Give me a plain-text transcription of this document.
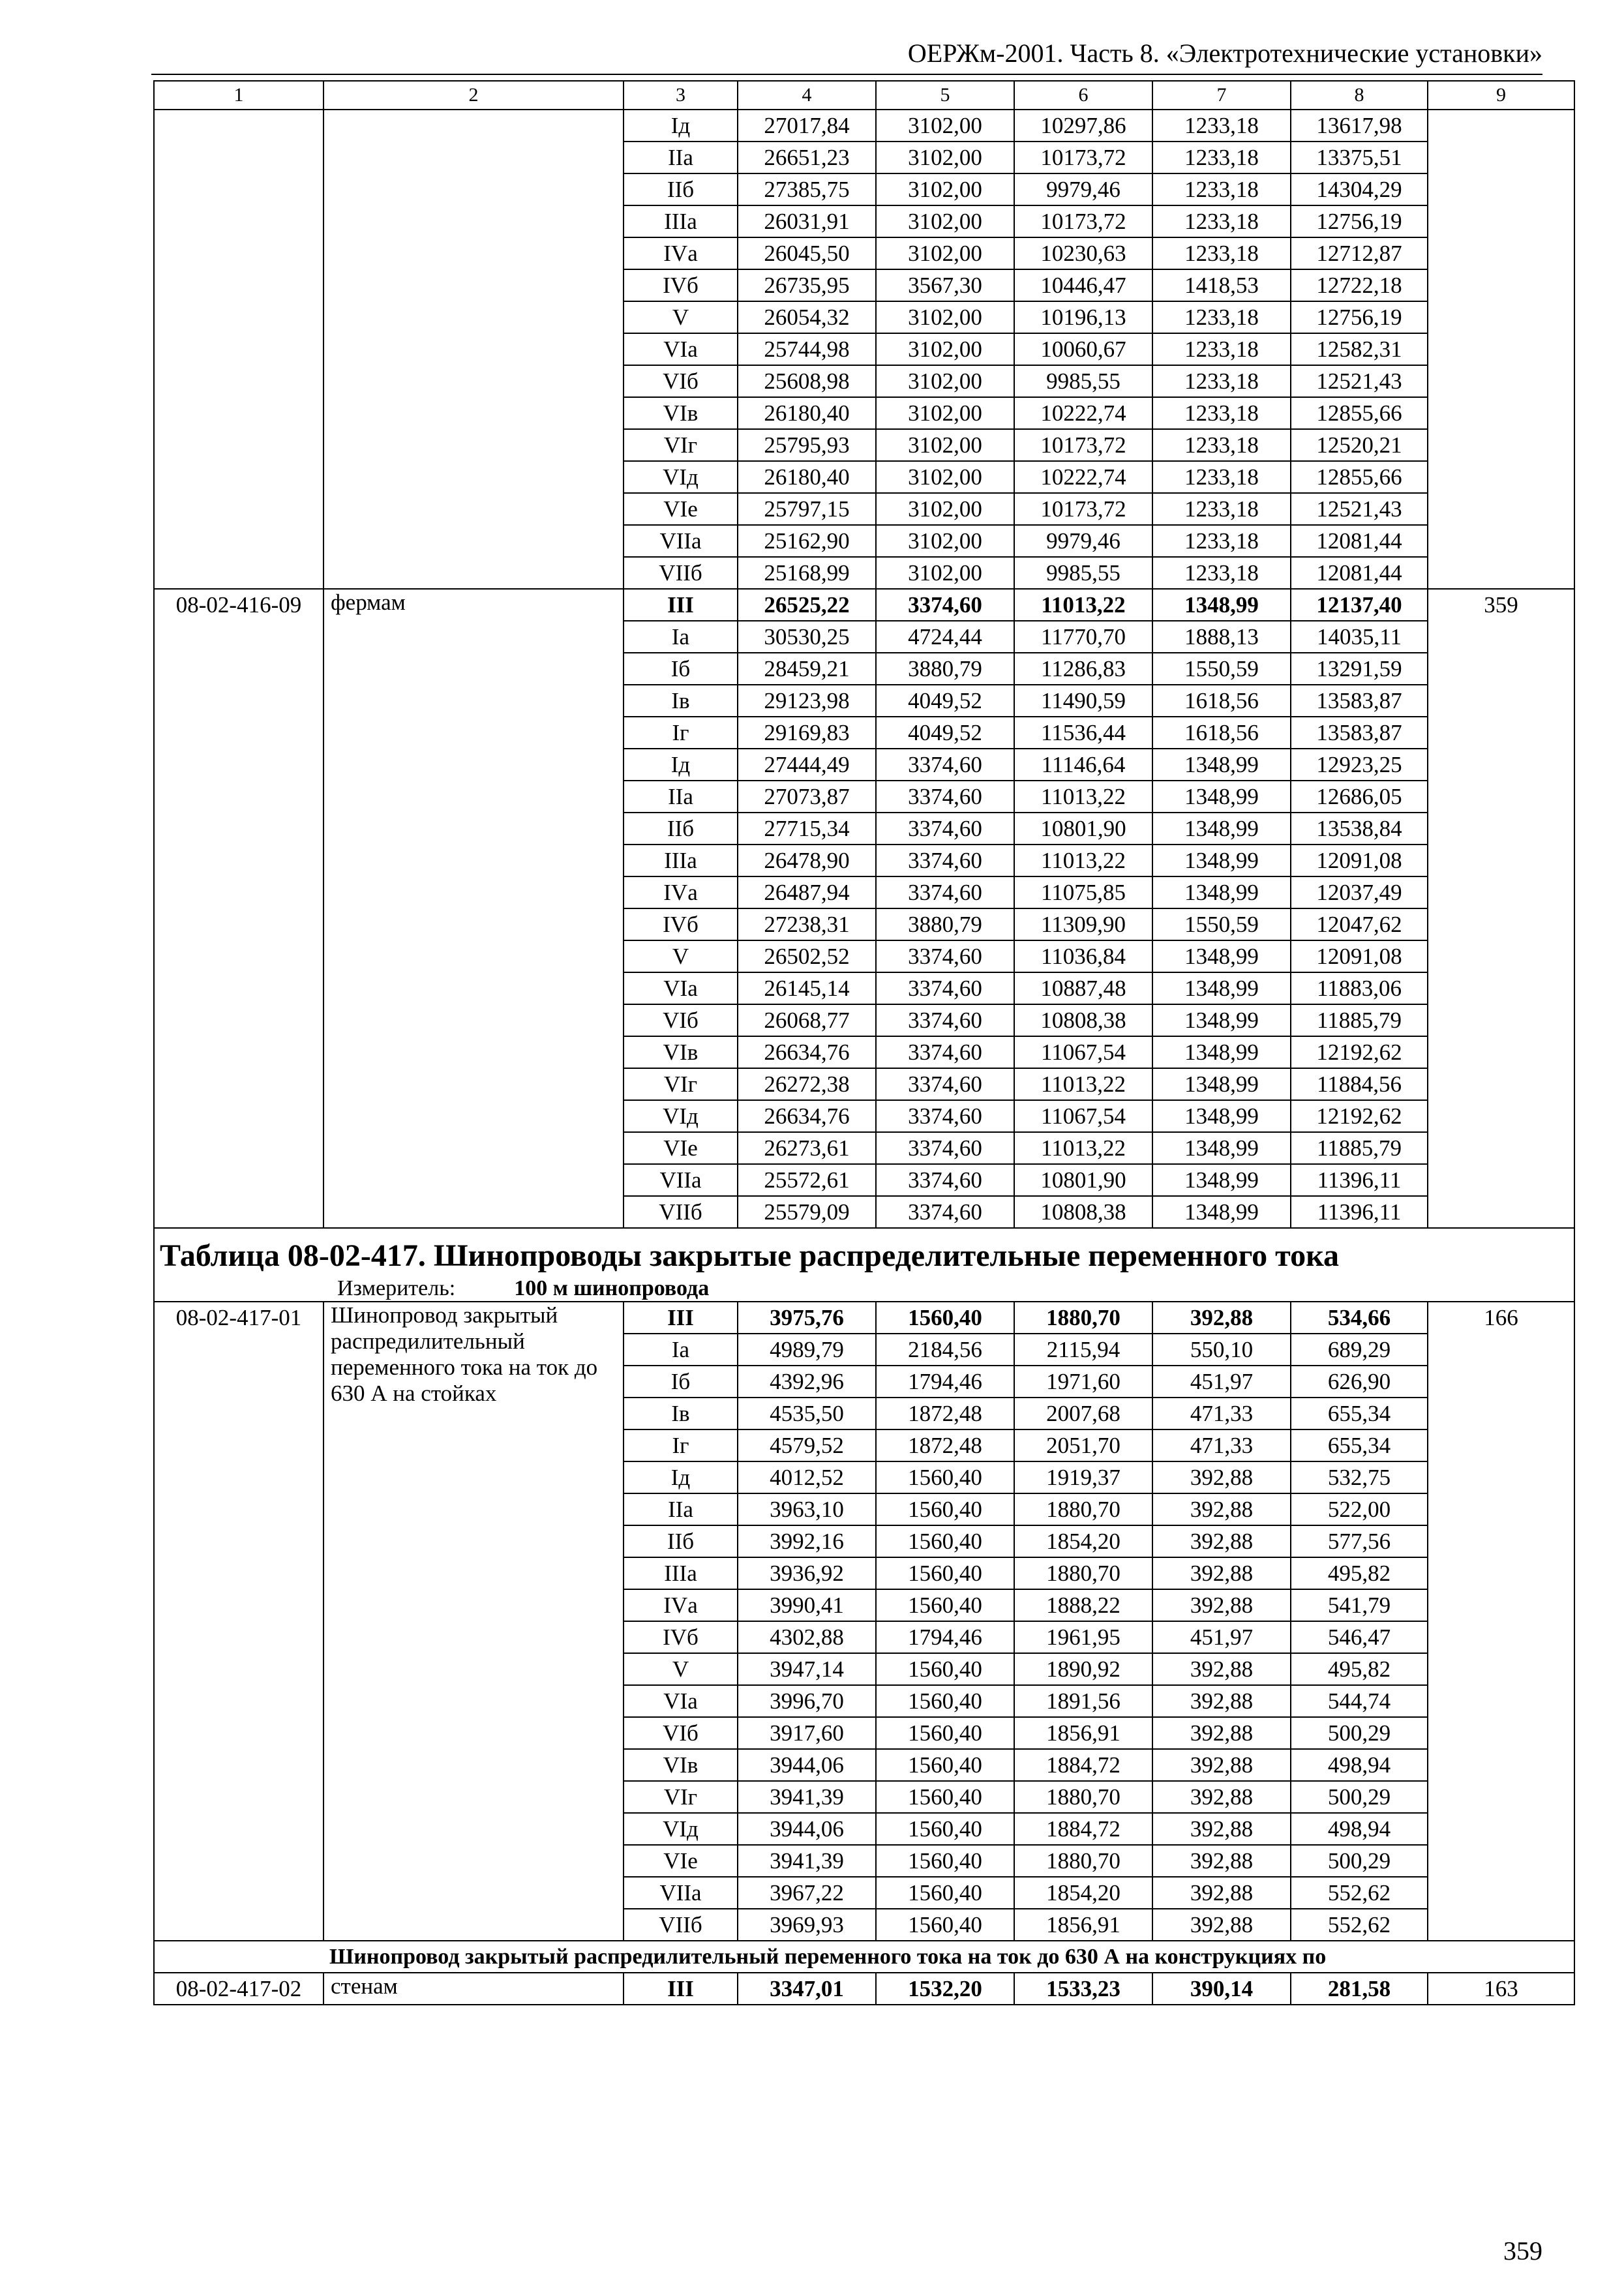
ОЕРЖм-2001. Часть 8. «Электротехнические установки»
1	2	3	4	5	6	7	8	9
		Iд	27017,84	3102,00	10297,86	1233,18	13617,98	
		IIа	26651,23	3102,00	10173,72	1233,18	13375,51	
		IIб	27385,75	3102,00	9979,46	1233,18	14304,29	
		IIIа	26031,91	3102,00	10173,72	1233,18	12756,19	
		IVа	26045,50	3102,00	10230,63	1233,18	12712,87	
		IVб	26735,95	3567,30	10446,47	1418,53	12722,18	
		V	26054,32	3102,00	10196,13	1233,18	12756,19	
		VIа	25744,98	3102,00	10060,67	1233,18	12582,31	
		VIб	25608,98	3102,00	9985,55	1233,18	12521,43	
		VIв	26180,40	3102,00	10222,74	1233,18	12855,66	
		VIг	25795,93	3102,00	10173,72	1233,18	12520,21	
		VIд	26180,40	3102,00	10222,74	1233,18	12855,66	
		VIе	25797,15	3102,00	10173,72	1233,18	12521,43	
		VIIа	25162,90	3102,00	9979,46	1233,18	12081,44	
		VIIб	25168,99	3102,00	9985,55	1233,18	12081,44	
08-02-416-09	фермам	III	26525,22	3374,60	11013,22	1348,99	12137,40	359
		Iа	30530,25	4724,44	11770,70	1888,13	14035,11	
		Iб	28459,21	3880,79	11286,83	1550,59	13291,59	
		Iв	29123,98	4049,52	11490,59	1618,56	13583,87	
		Iг	29169,83	4049,52	11536,44	1618,56	13583,87	
		Iд	27444,49	3374,60	11146,64	1348,99	12923,25	
		IIа	27073,87	3374,60	11013,22	1348,99	12686,05	
		IIб	27715,34	3374,60	10801,90	1348,99	13538,84	
		IIIа	26478,90	3374,60	11013,22	1348,99	12091,08	
		IVа	26487,94	3374,60	11075,85	1348,99	12037,49	
		IVб	27238,31	3880,79	11309,90	1550,59	12047,62	
		V	26502,52	3374,60	11036,84	1348,99	12091,08	
		VIа	26145,14	3374,60	10887,48	1348,99	11883,06	
		VIб	26068,77	3374,60	10808,38	1348,99	11885,79	
		VIв	26634,76	3374,60	11067,54	1348,99	12192,62	
		VIг	26272,38	3374,60	11013,22	1348,99	11884,56	
		VIд	26634,76	3374,60	11067,54	1348,99	12192,62	
		VIе	26273,61	3374,60	11013,22	1348,99	11885,79	
		VIIа	25572,61	3374,60	10801,90	1348,99	11396,11	
		VIIб	25579,09	3374,60	10808,38	1348,99	11396,11	

Таблица 08-02-417. Шинопроводы закрытые распределительные переменного тока
Измеритель: 100 м шинопровода								

08-02-417-01	Шинопровод закрытый распредилительный переменного тока на ток до 630 А на стойках	III	3975,76	1560,40	1880,70	392,88	534,66	166
		Iа	4989,79	2184,56	2115,94	550,10	689,29	
		Iб	4392,96	1794,46	1971,60	451,97	626,90	
		Iв	4535,50	1872,48	2007,68	471,33	655,34	
		Iг	4579,52	1872,48	2051,70	471,33	655,34	
		Iд	4012,52	1560,40	1919,37	392,88	532,75	
		IIа	3963,10	1560,40	1880,70	392,88	522,00	
		IIб	3992,16	1560,40	1854,20	392,88	577,56	
		IIIа	3936,92	1560,40	1880,70	392,88	495,82	
		IVа	3990,41	1560,40	1888,22	392,88	541,79	
		IVб	4302,88	1794,46	1961,95	451,97	546,47	
		V	3947,14	1560,40	1890,92	392,88	495,82	
		VIа	3996,70	1560,40	1891,56	392,88	544,74	
		VIб	3917,60	1560,40	1856,91	392,88	500,29	
		VIв	3944,06	1560,40	1884,72	392,88	498,94	
		VIг	3941,39	1560,40	1880,70	392,88	500,29	
		VIд	3944,06	1560,40	1884,72	392,88	498,94	
		VIе	3941,39	1560,40	1880,70	392,88	500,29	
		VIIа	3967,22	1560,40	1854,20	392,88	552,62	
		VIIб	3969,93	1560,40	1856,91	392,88	552,62	
Шинопровод закрытый распредилительный переменного тока на ток до 630 А на конструкциях по								
08-02-417-02	стенам	III	3347,01	1532,20	1533,23	390,14	281,58	163
359
